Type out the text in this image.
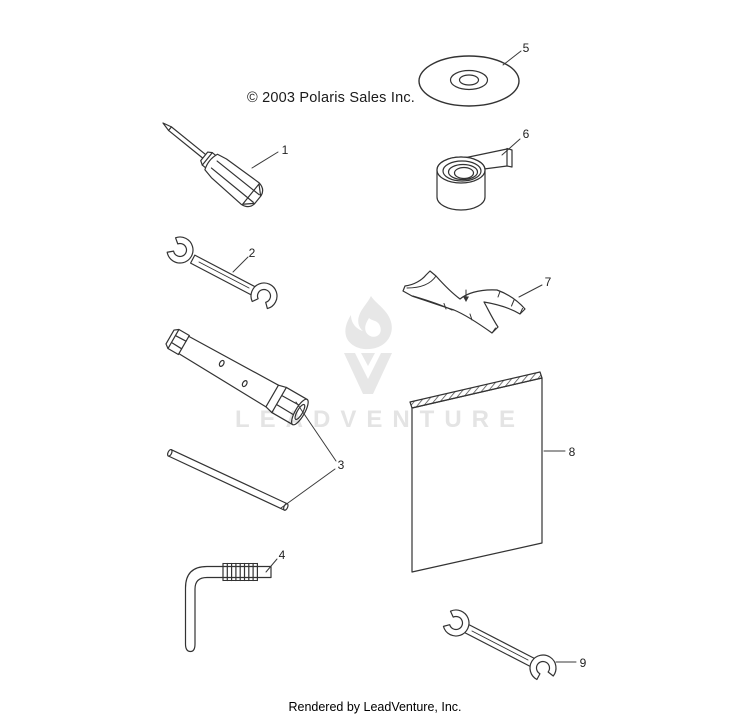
LEADVENTURE
© 2003 Polaris Sales Inc.
1
2
3
4
5
6
7
8
9
Rendered by LeadVenture, Inc.
